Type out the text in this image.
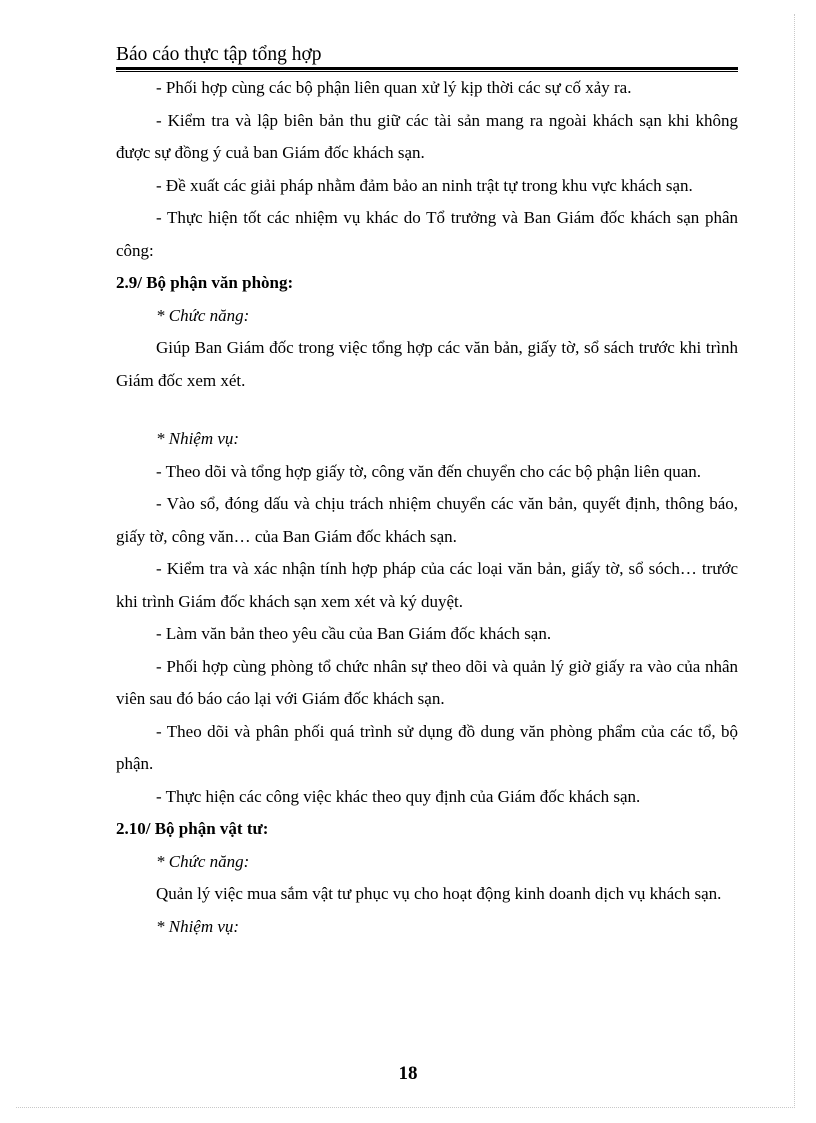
Báo cáo thực tập tổng hợp

- Phối hợp cùng các bộ phận liên quan xử lý kịp thời các sự cố xảy ra.

- Kiểm tra và lập biên bản thu giữ các tài sản mang ra ngoài khách sạn khi không được sự đồng ý cuả ban Giám đốc khách sạn.

- Đề xuất các giải pháp nhằm đảm bảo an ninh trật tự trong khu vực khách sạn.

- Thực hiện tốt các nhiệm vụ khác do Tổ trưởng và Ban Giám đốc khách sạn phân công:

2.9/ Bộ phận văn phòng:

* Chức năng:

Giúp Ban Giám đốc trong việc tổng hợp các văn bản, giấy tờ, sổ sách trước khi trình Giám đốc xem xét.

* Nhiệm vụ:

- Theo dõi và tổng hợp giấy tờ, công văn đến chuyển cho các bộ phận liên quan.

- Vào sổ, đóng dấu và chịu trách nhiệm chuyển các văn bản, quyết định, thông báo, giấy tờ, công văn… của Ban Giám đốc khách sạn.

- Kiểm tra và xác nhận tính hợp pháp của các loại văn bản, giấy tờ, sổ sóch… trước khi trình Giám đốc khách sạn xem xét và ký duyệt.

- Làm văn bản theo yêu cầu của Ban Giám đốc khách sạn.

- Phối hợp cùng phòng tổ chức nhân sự theo dõi và quản lý giờ giấy ra vào của nhân viên sau đó báo cáo lại với Giám đốc khách sạn.

- Theo dõi và phân phối quá trình sử dụng đồ dung văn phòng phẩm của các tổ, bộ phận.

- Thực hiện các công việc khác theo quy định của Giám đốc khách sạn.

2.10/ Bộ phận vật tư:

* Chức năng:

Quản lý việc mua sắm vật tư phục vụ cho hoạt động kinh doanh dịch vụ khách sạn.

* Nhiệm vụ:

18
